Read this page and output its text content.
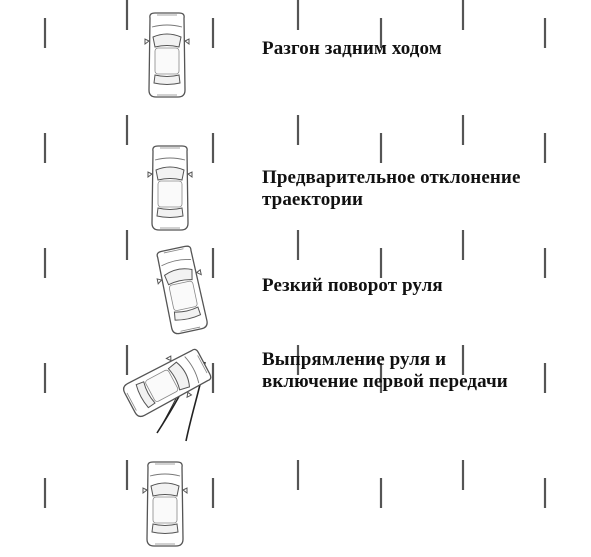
Разгон задним ходом
Предварительное отклонение
траектории
Резкий поворот руля
Выпрямление руля и
включение первой передачи
